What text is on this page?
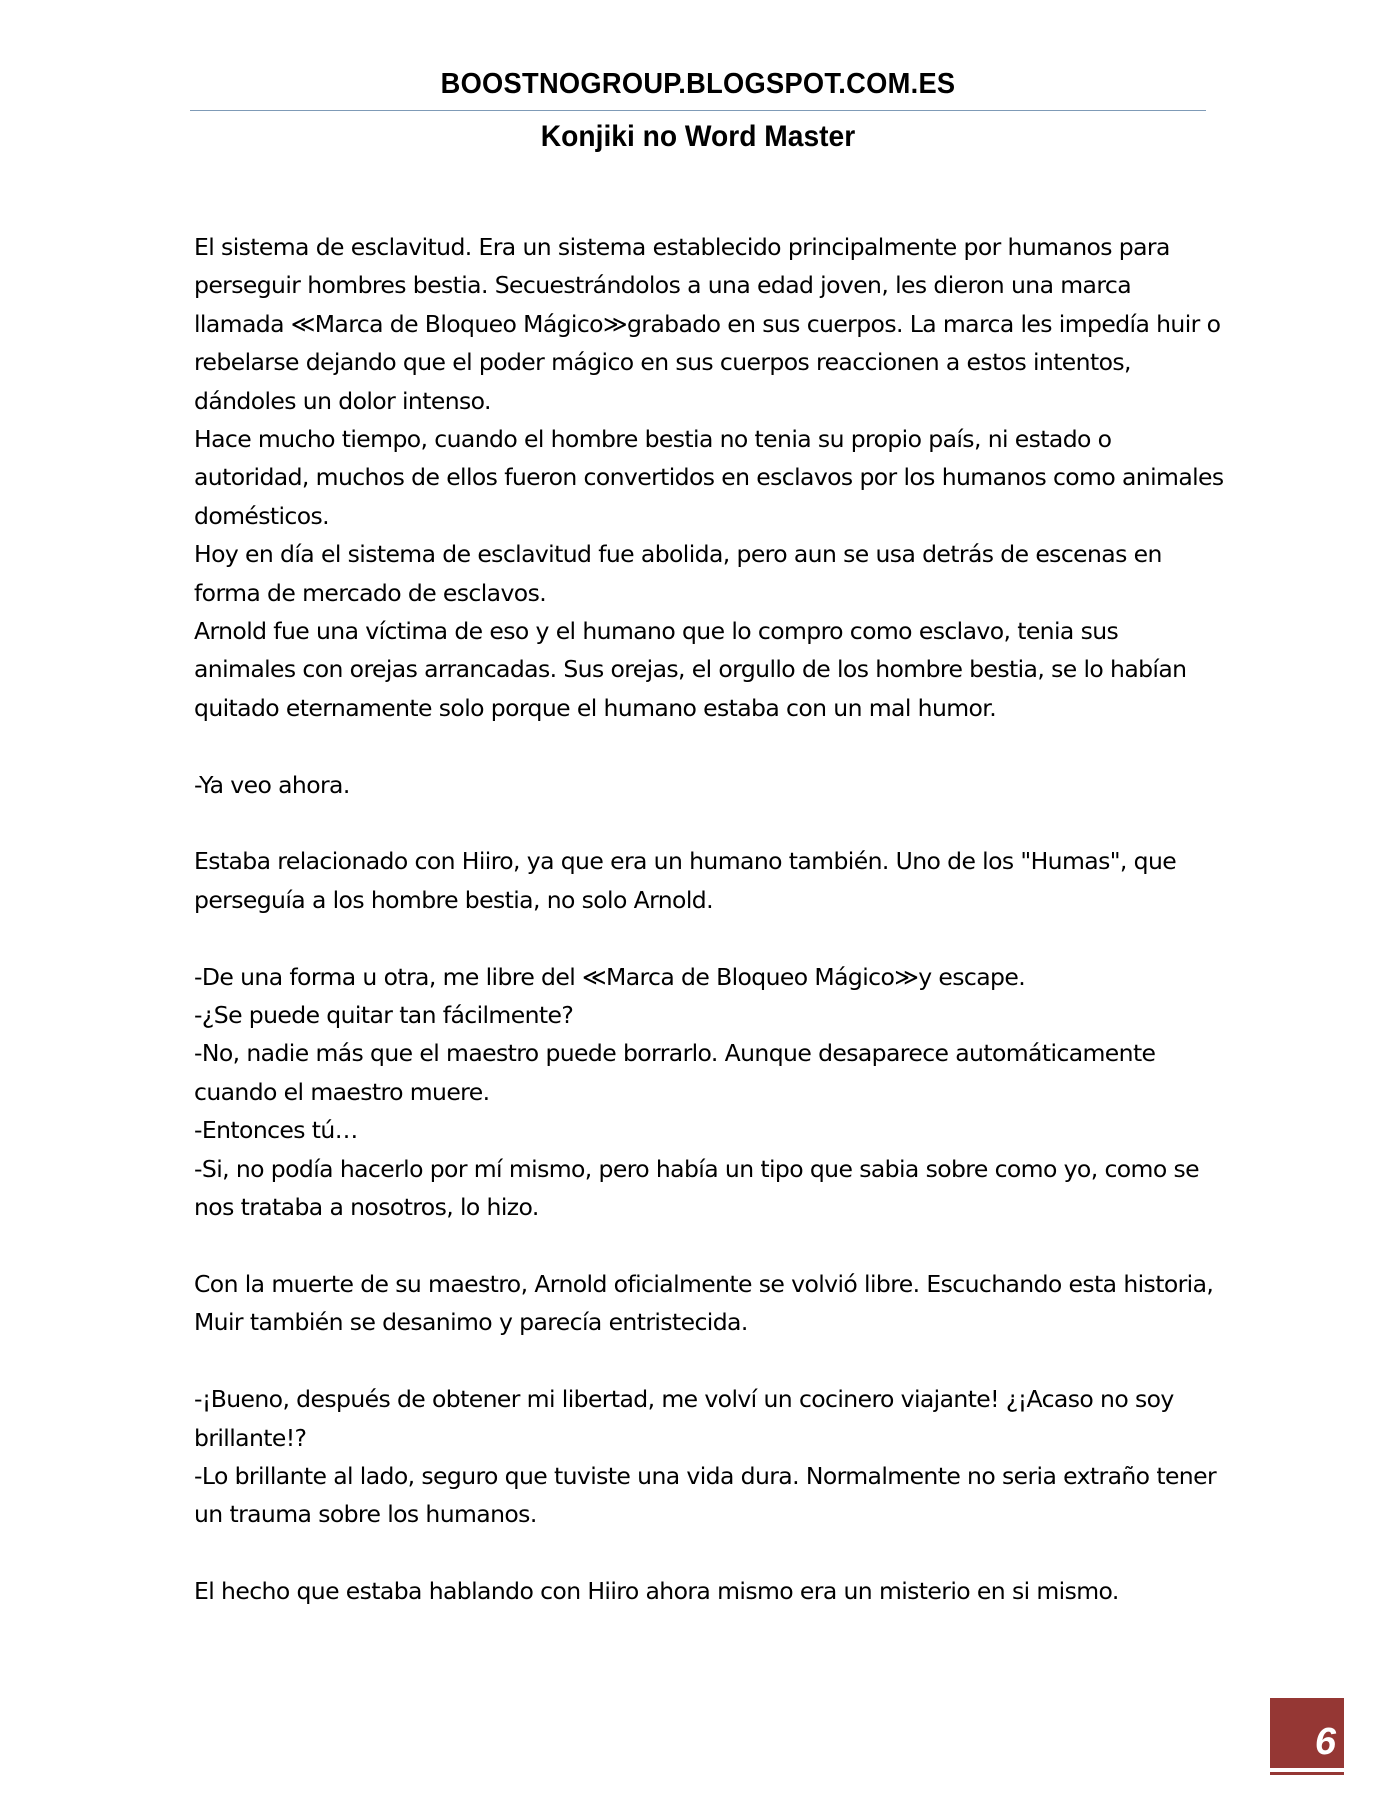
BOOSTNOGROUP.BLOGSPOT.COM.ES
Konjiki no Word Master

El sistema de esclavitud. Era un sistema establecido principalmente por humanos para perseguir hombres bestia. Secuestrándolos a una edad joven, les dieron una marca llamada ≪Marca de Bloqueo Mágico≫grabado en sus cuerpos. La marca les impedía huir o rebelarse dejando que el poder mágico en sus cuerpos reaccionen a estos intentos, dándoles un dolor intenso.

Hace mucho tiempo, cuando el hombre bestia no tenia su propio país, ni estado o autoridad, muchos de ellos fueron convertidos en esclavos por los humanos como animales domésticos.

Hoy en día el sistema de esclavitud fue abolida, pero aun se usa detrás de escenas en forma de mercado de esclavos.

Arnold fue una víctima de eso y el humano que lo compro como esclavo, tenia sus animales con orejas arrancadas. Sus orejas, el orgullo de los hombre bestia, se lo habían quitado eternamente solo porque el humano estaba con un mal humor.

-Ya veo ahora.

Estaba relacionado con Hiiro, ya que era un humano también. Uno de los "Humas", que perseguía a los hombre bestia, no solo Arnold.

-De una forma u otra, me libre del ≪Marca de Bloqueo Mágico≫y escape.

-¿Se puede quitar tan fácilmente?

-No, nadie más que el maestro puede borrarlo. Aunque desaparece automáticamente cuando el maestro muere.

-Entonces tú…

-Si, no podía hacerlo por mí mismo, pero había un tipo que sabia sobre como yo, como se nos trataba a nosotros, lo hizo.

Con la muerte de su maestro, Arnold oficialmente se volvió libre. Escuchando esta historia, Muir también se desanimo y parecía entristecida.

-¡Bueno, después de obtener mi libertad, me volví un cocinero viajante! ¿¡Acaso no soy brillante!?

-Lo brillante al lado, seguro que tuviste una vida dura. Normalmente no seria extraño tener un trauma sobre los humanos.

El hecho que estaba hablando con Hiiro ahora mismo era un misterio en si mismo.

6
